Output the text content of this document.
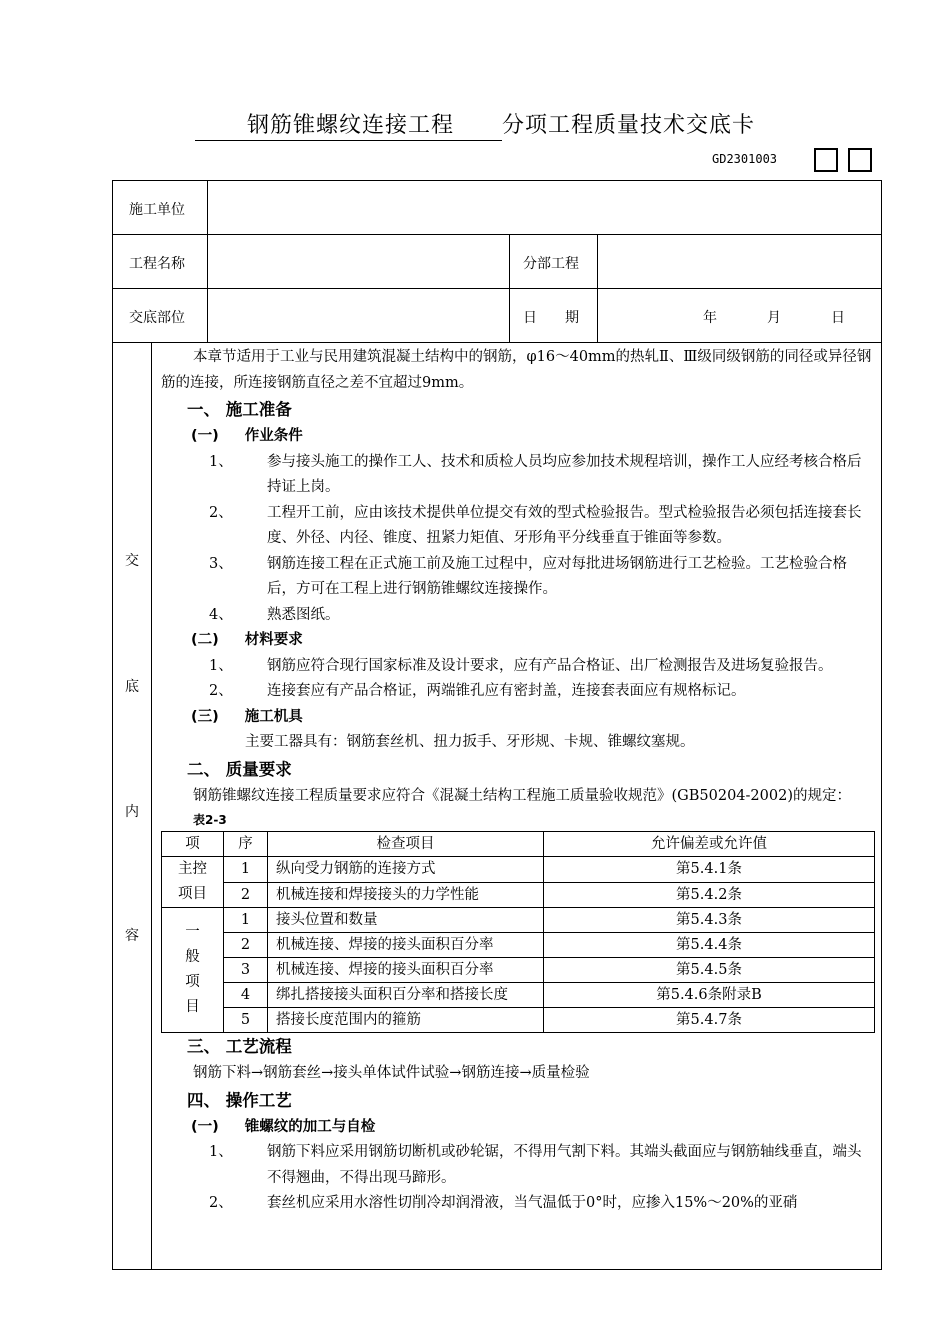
钢筋锥螺纹连接工程 分项工程质量技术交底卡
GD2301003
施工单位
工程名称	分部工程
交底部位	日　　期	年	月	日
交
底
内
容

本章节适用于工业与民用建筑混凝土结构中的钢筋，φ16～40mm的热轧Ⅱ、Ⅲ级同级钢筋的同径或异径钢筋的连接，所连接钢筋直径之差不宜超过9mm。

一、 施工准备

(一) 作业条件

1、 参与接头施工的操作工人、技术和质检人员均应参加技术规程培训，操作工人应经考核合格后持证上岗。

2、 工程开工前，应由该技术提供单位提交有效的型式检验报告。型式检验报告必须包括连接套长度、外径、内径、锥度、扭紧力矩值、牙形角平分线垂直于锥面等参数。

3、 钢筋连接工程在正式施工前及施工过程中，应对每批进场钢筋进行工艺检验。工艺检验合格后，方可在工程上进行钢筋锥螺纹连接操作。

4、 熟悉图纸。

(二) 材料要求

1、 钢筋应符合现行国家标准及设计要求，应有产品合格证、出厂检测报告及进场复验报告。

2、 连接套应有产品合格证，两端锥孔应有密封盖，连接套表面应有规格标记。

(三) 施工机具

主要工器具有：钢筋套丝机、扭力扳手、牙形规、卡规、锥螺纹塞规。

二、 质量要求

钢筋锥螺纹连接工程质量要求应符合《混凝土结构工程施工质量验收规范》(GB50204-2002)的规定：

表2-3

项	序	检查项目	允许偏差或允许值
主控项目	1	纵向受力钢筋的连接方式	第5.4.1条
	2	机械连接和焊接接头的力学性能	第5.4.2条
一般项目	1	接头位置和数量	第5.4.3条
	2	机械连接、焊接的接头面积百分率	第5.4.4条
	3	机械连接、焊接的接头面积百分率	第5.4.5条
	4	绑扎搭接接头面积百分率和搭接长度	第5.4.6条附录B
	5	搭接长度范围内的箍筋	第5.4.7条

三、 工艺流程

钢筋下料→钢筋套丝→接头单体试件试验→钢筋连接→质量检验

四、 操作工艺

(一) 锥螺纹的加工与自检

1、 钢筋下料应采用钢筋切断机或砂轮锯，不得用气割下料。其端头截面应与钢筋轴线垂直，端头不得翘曲，不得出现马蹄形。

2、 套丝机应采用水溶性切削冷却润滑液，当气温低于0°时，应掺入15%～20%的亚硝
